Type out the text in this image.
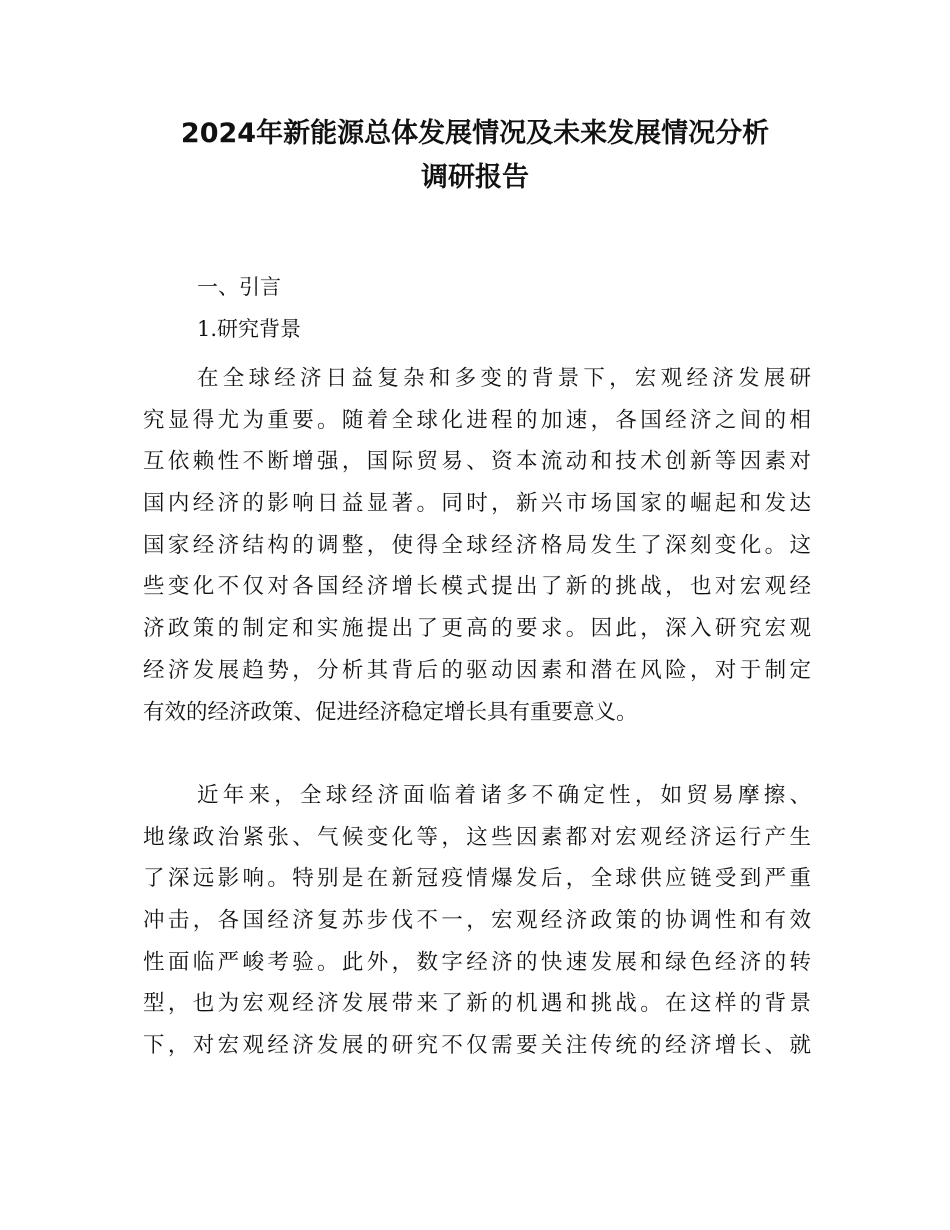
2024年新能源总体发展情况及未来发展情况分析
调研报告
一、引言
1.研究背景
在全球经济日益复杂和多变的背景下，宏观经济发展研
究显得尤为重要。随着全球化进程的加速，各国经济之间的相
互依赖性不断增强，国际贸易、资本流动和技术创新等因素对
国内经济的影响日益显著。同时，新兴市场国家的崛起和发达
国家经济结构的调整，使得全球经济格局发生了深刻变化。这
些变化不仅对各国经济增长模式提出了新的挑战，也对宏观经
济政策的制定和实施提出了更高的要求。因此，深入研究宏观
经济发展趋势，分析其背后的驱动因素和潜在风险，对于制定
有效的经济政策、促进经济稳定增长具有重要意义。
近年来，全球经济面临着诸多不确定性，如贸易摩擦、
地缘政治紧张、气候变化等，这些因素都对宏观经济运行产生
了深远影响。特别是在新冠疫情爆发后，全球供应链受到严重
冲击，各国经济复苏步伐不一，宏观经济政策的协调性和有效
性面临严峻考验。此外，数字经济的快速发展和绿色经济的转
型，也为宏观经济发展带来了新的机遇和挑战。在这样的背景
下，对宏观经济发展的研究不仅需要关注传统的经济增长、就
